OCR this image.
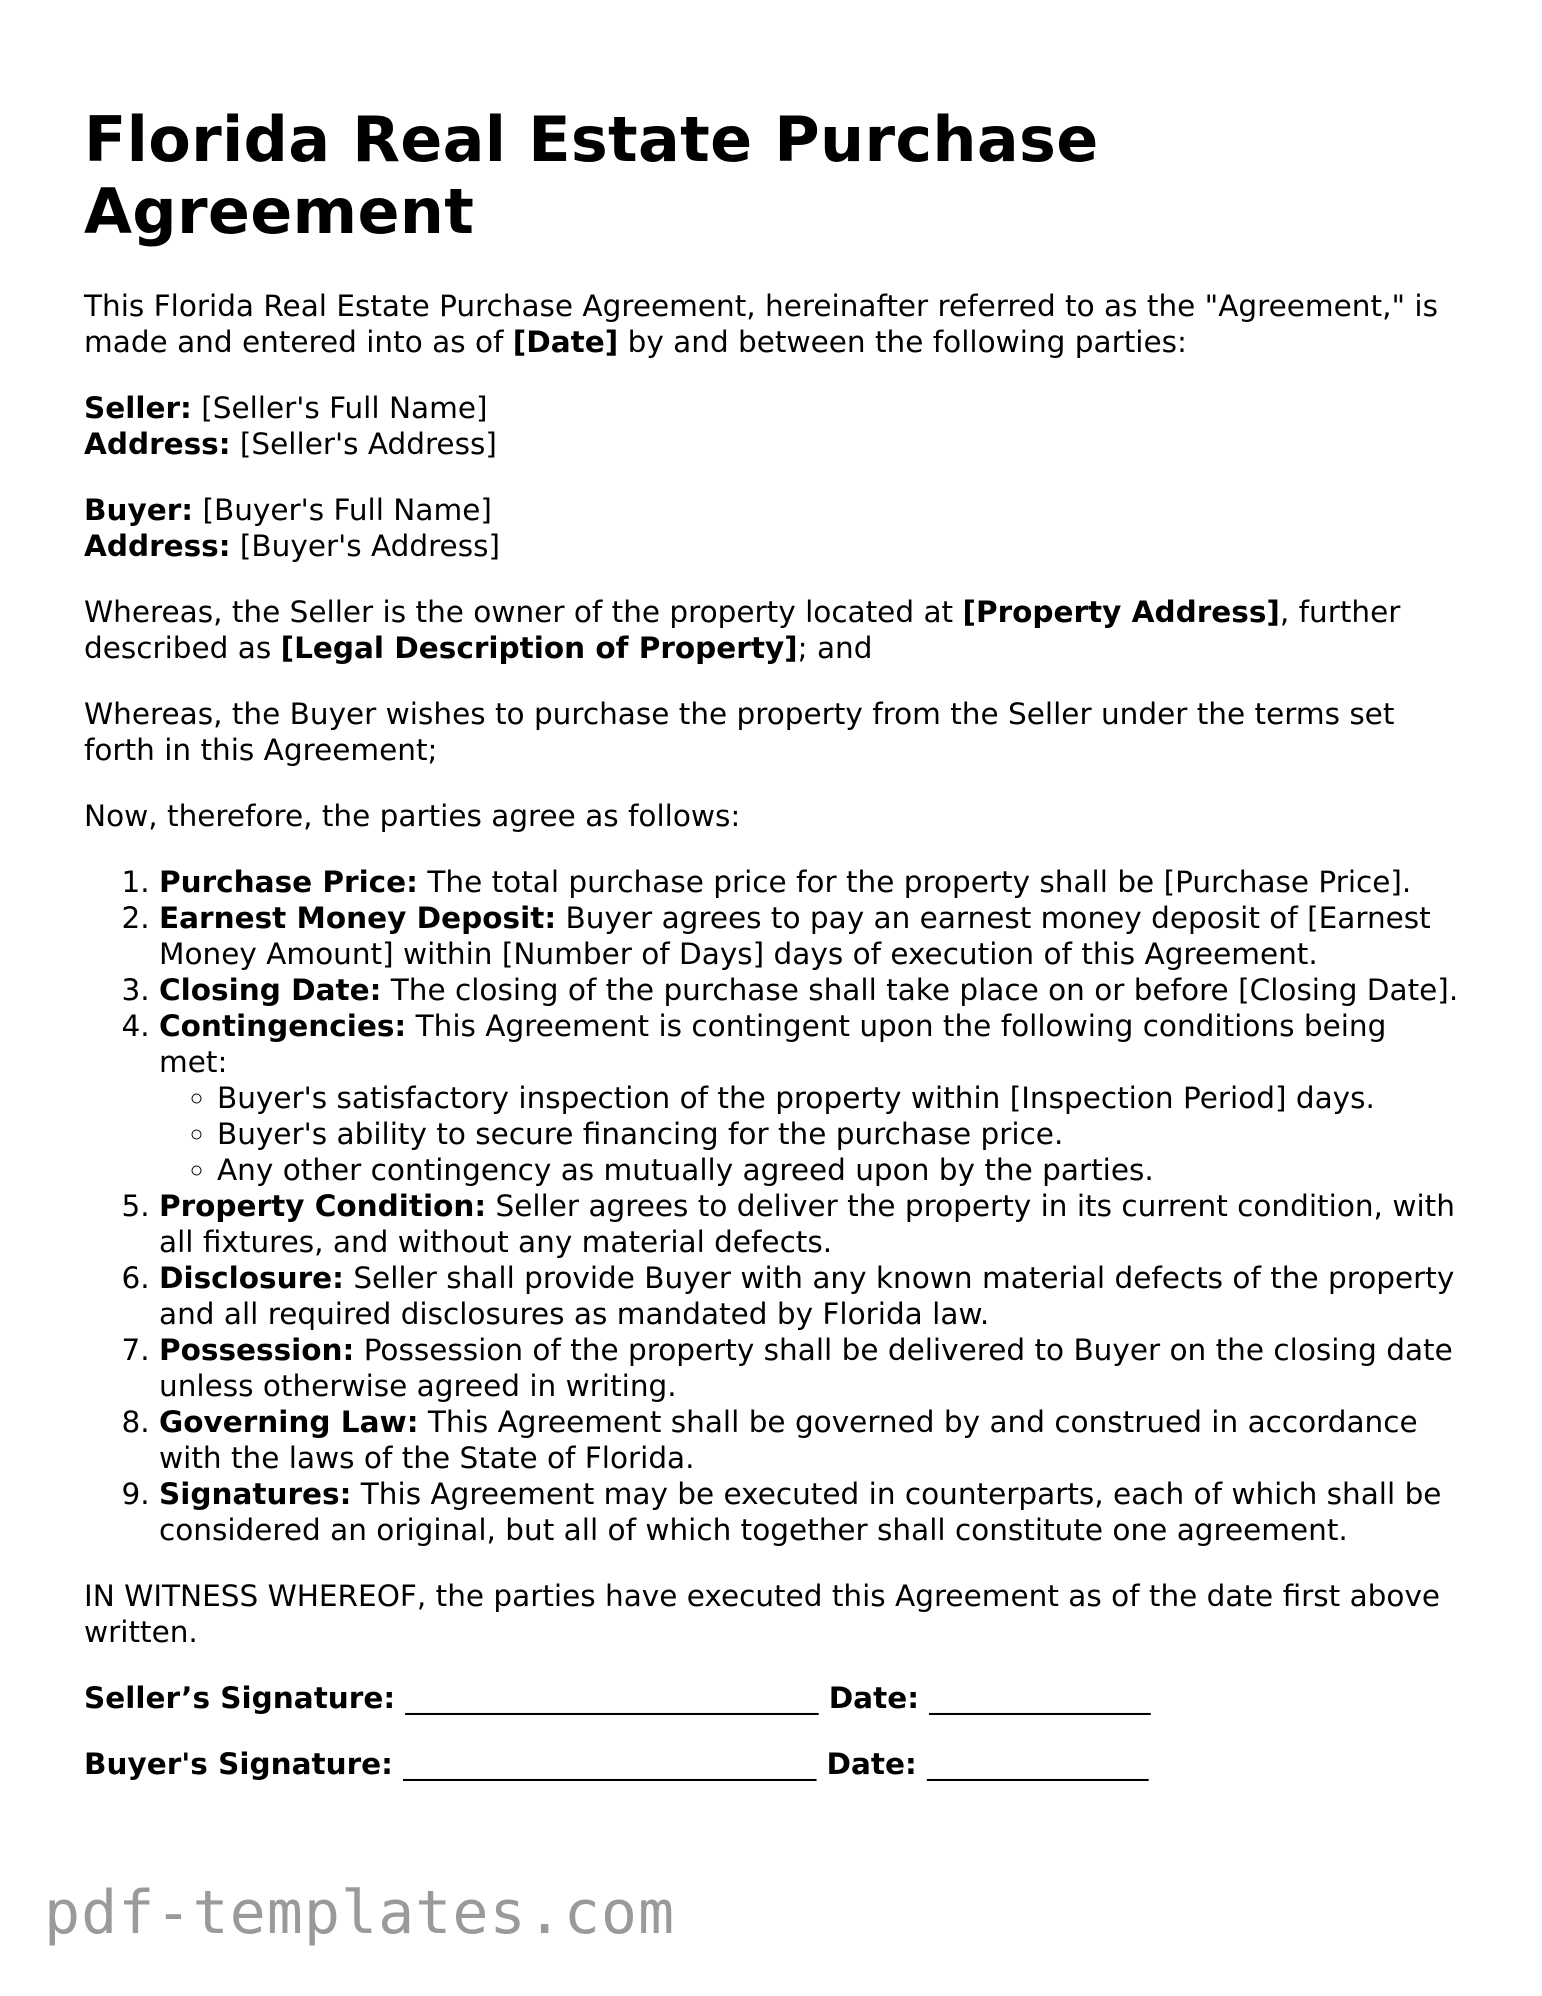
Florida Real Estate Purchase Agreement

This Florida Real Estate Purchase Agreement, hereinafter referred to as the "Agreement," is made and entered into as of [Date] by and between the following parties:

Seller: [Seller's Full Name]
Address: [Seller's Address]

Buyer: [Buyer's Full Name]
Address: [Buyer's Address]

Whereas, the Seller is the owner of the property located at [Property Address], further described as [Legal Description of Property]; and

Whereas, the Buyer wishes to purchase the property from the Seller under the terms set forth in this Agreement;

Now, therefore, the parties agree as follows:

1. Purchase Price: The total purchase price for the property shall be [Purchase Price].
2. Earnest Money Deposit: Buyer agrees to pay an earnest money deposit of [Earnest Money Amount] within [Number of Days] days of execution of this Agreement.
3. Closing Date: The closing of the purchase shall take place on or before [Closing Date].
4. Contingencies: This Agreement is contingent upon the following conditions being met:
◦ Buyer's satisfactory inspection of the property within [Inspection Period] days.
◦ Buyer's ability to secure financing for the purchase price.
◦ Any other contingency as mutually agreed upon by the parties.
5. Property Condition: Seller agrees to deliver the property in its current condition, with all fixtures, and without any material defects.
6. Disclosure: Seller shall provide Buyer with any known material defects of the property and all required disclosures as mandated by Florida law.
7. Possession: Possession of the property shall be delivered to Buyer on the closing date unless otherwise agreed in writing.
8. Governing Law: This Agreement shall be governed by and construed in accordance with the laws of the State of Florida.
9. Signatures: This Agreement may be executed in counterparts, each of which shall be considered an original, but all of which together shall constitute one agreement.

IN WITNESS WHEREOF, the parties have executed this Agreement as of the date first above written.

Seller’s Signature: ____________________________ Date: _______________
Buyer's Signature: ____________________________ Date: _______________
pdf-templates.com
